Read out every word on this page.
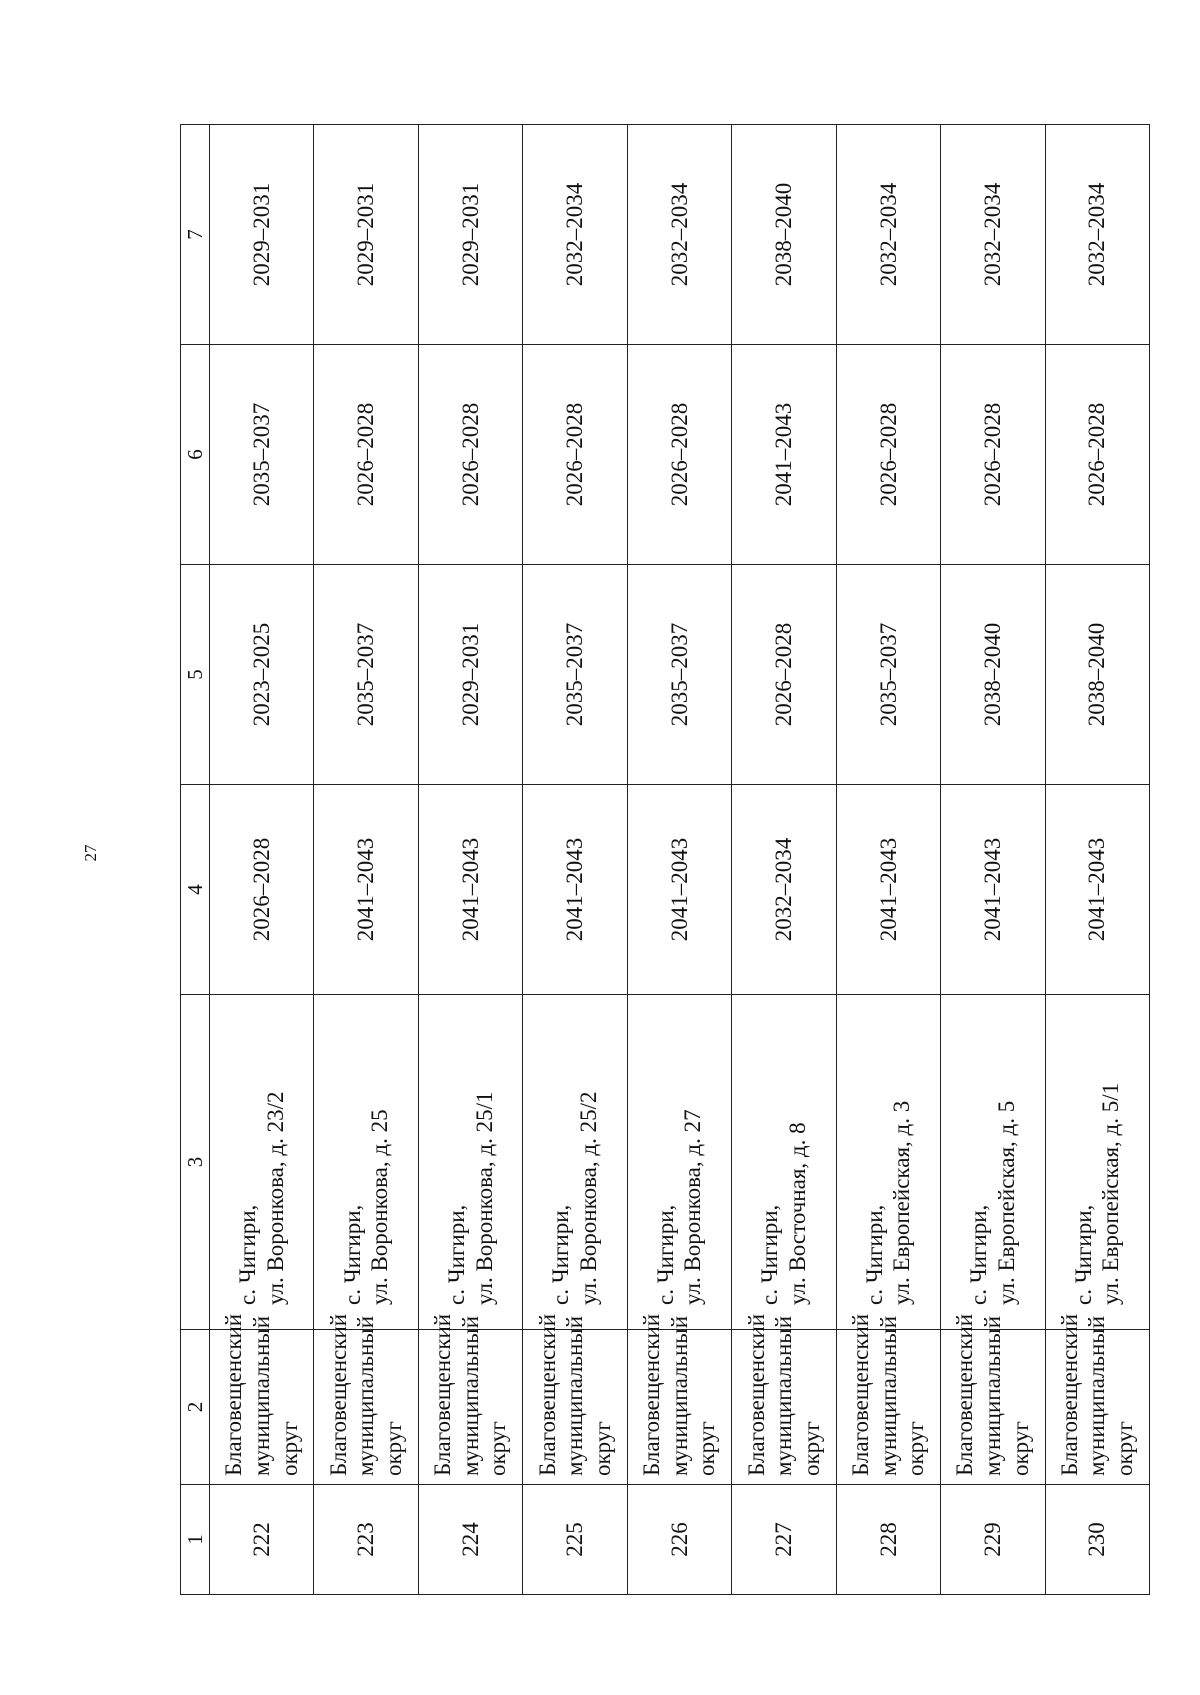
27
1	2	3	4	5	6	7

222	Благовещенский муниципальный округ	с. Чигири, ул. Воронкова, д. 23/2	2026–2028	2023–2025	2035–2037	2029–2031

223	Благовещенский муниципальный округ	с. Чигири, ул. Воронкова, д. 25	2041–2043	2035–2037	2026–2028	2029–2031

224	Благовещенский муниципальный округ	с. Чигири, ул. Воронкова, д. 25/1	2041–2043	2029–2031	2026–2028	2029–2031

225	Благовещенский муниципальный округ	с. Чигири, ул. Воронкова, д. 25/2	2041–2043	2035–2037	2026–2028	2032–2034

226	Благовещенский муниципальный округ	с. Чигири, ул. Воронкова, д. 27	2041–2043	2035–2037	2026–2028	2032–2034

227	Благовещенский муниципальный округ	с. Чигири, ул. Восточная, д. 8	2032–2034	2026–2028	2041–2043	2038–2040

228	Благовещенский муниципальный округ	с. Чигири, ул. Европейская, д. 3	2041–2043	2035–2037	2026–2028	2032–2034

229	Благовещенский муниципальный округ	с. Чигири, ул. Европейская, д. 5	2041–2043	2038–2040	2026–2028	2032–2034

230	Благовещенский муниципальный округ	с. Чигири, ул. Европейская, д. 5/1	2041–2043	2038–2040	2026–2028	2032–2034
